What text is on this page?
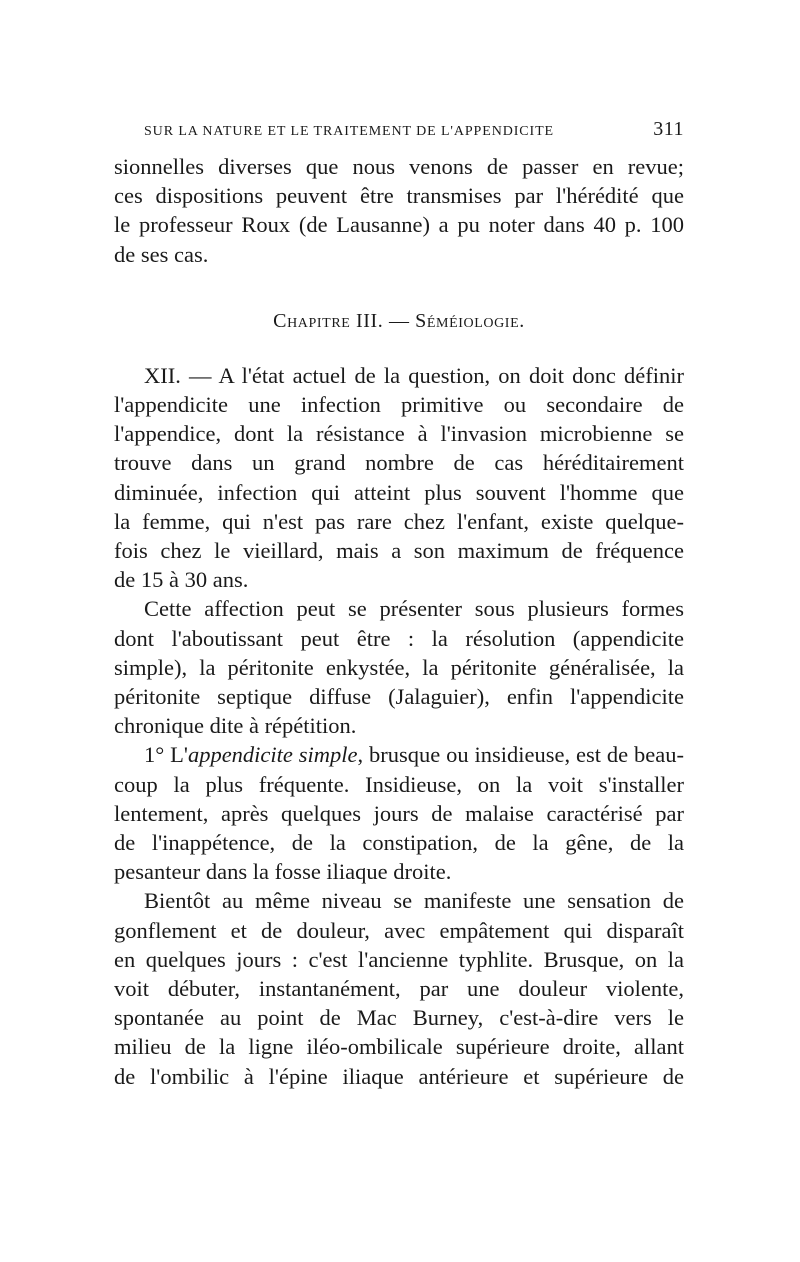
SUR LA NATURE ET LE TRAITEMENT DE L'APPENDICITE	311

sionnelles diverses que nous venons de passer en revue;
ces dispositions peuvent être transmises par l'hérédité que
le professeur Roux (de Lausanne) a pu noter dans 40 p. 100
de ses cas.

Chapitre III. — Séméiologie.

XII. — A l'état actuel de la question, on doit donc définir
l'appendicite une infection primitive ou secondaire de
l'appendice, dont la résistance à l'invasion microbienne se
trouve dans un grand nombre de cas héréditairement
diminuée, infection qui atteint plus souvent l'homme que
la femme, qui n'est pas rare chez l'enfant, existe quelque-
fois chez le vieillard, mais a son maximum de fréquence
de 15 à 30 ans.

Cette affection peut se présenter sous plusieurs formes
dont l'aboutissant peut être : la résolution (appendicite
simple), la péritonite enkystée, la péritonite généralisée, la
péritonite septique diffuse (Jalaguier), enfin l'appendicite
chronique dite à répétition.

1° L'appendicite simple, brusque ou insidieuse, est de beau-
coup la plus fréquente. Insidieuse, on la voit s'installer
lentement, après quelques jours de malaise caractérisé par
de l'inappétence, de la constipation, de la gêne, de la
pesanteur dans la fosse iliaque droite.

Bientôt au même niveau se manifeste une sensation de
gonflement et de douleur, avec empâtement qui disparaît
en quelques jours : c'est l'ancienne typhlite. Brusque, on la
voit débuter, instantanément, par une douleur violente,
spontanée au point de Mac Burney, c'est-à-dire vers le
milieu de la ligne iléo-ombilicale supérieure droite, allant
de l'ombilic à l'épine iliaque antérieure et supérieure de
